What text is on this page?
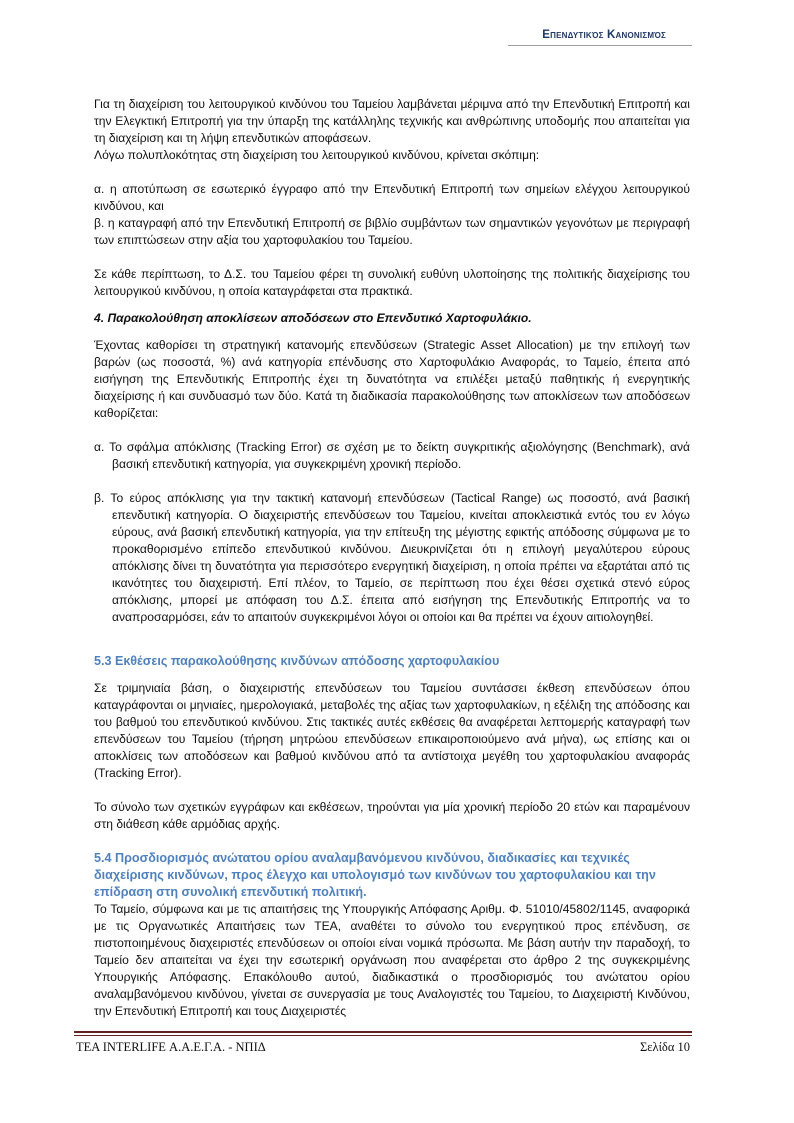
Επενδυτικός Κανονισμός

Για τη διαχείριση του λειτουργικού κινδύνου του Ταμείου λαμβάνεται μέριμνα από την Επενδυτική Επιτροπή και την Ελεγκτική Επιτροπή για την ύπαρξη της κατάλληλης τεχνικής και ανθρώπινης υποδομής που απαιτείται για τη διαχείριση και τη λήψη επενδυτικών αποφάσεων.

Λόγω πολυπλοκότητας στη διαχείριση του λειτουργικού κινδύνου, κρίνεται σκόπιμη:

α. η αποτύπωση σε εσωτερικό έγγραφο από την Επενδυτική Επιτροπή των σημείων ελέγχου λειτουργικού κινδύνου, και

β. η καταγραφή από την Επενδυτική Επιτροπή σε βιβλίο συμβάντων των σημαντικών γεγονότων με περιγραφή των επιπτώσεων στην αξία του χαρτοφυλακίου του Ταμείου.

Σε κάθε περίπτωση, το Δ.Σ. του Ταμείου φέρει τη συνολική ευθύνη υλοποίησης της πολιτικής διαχείρισης του λειτουργικού κινδύνου, η οποία καταγράφεται στα πρακτικά.

4. Παρακολούθηση αποκλίσεων αποδόσεων στο Επενδυτικό Χαρτοφυλάκιο.

Έχοντας καθορίσει τη στρατηγική κατανομής επενδύσεων (Strategic Asset Allocation) με την επιλογή των βαρών (ως ποσοστά, %) ανά κατηγορία επένδυσης στο Χαρτοφυλάκιο Αναφοράς, το Ταμείο, έπειτα από εισήγηση της Επενδυτικής Επιτροπής έχει τη δυνατότητα να επιλέξει μεταξύ παθητικής ή ενεργητικής διαχείρισης ή και συνδυασμό των δύο. Κατά τη διαδικασία παρακολούθησης των αποκλίσεων των αποδόσεων καθορίζεται:

α. Το σφάλμα απόκλισης (Tracking Error) σε σχέση με το δείκτη συγκριτικής αξιολόγησης (Benchmark), ανά βασική επενδυτική κατηγορία, για συγκεκριμένη χρονική περίοδο.

β. Το εύρος απόκλισης για την τακτική κατανομή επενδύσεων (Tactical Range) ως ποσοστό, ανά βασική επενδυτική κατηγορία. Ο διαχειριστής επενδύσεων του Ταμείου, κινείται αποκλειστικά εντός του εν λόγω εύρους, ανά βασική επενδυτική κατηγορία, για την επίτευξη της μέγιστης εφικτής απόδοσης σύμφωνα με το προκαθορισμένο επίπεδο επενδυτικού κινδύνου. Διευκρινίζεται ότι η επιλογή μεγαλύτερου εύρους απόκλισης δίνει τη δυνατότητα για περισσότερο ενεργητική διαχείριση, η οποία πρέπει να εξαρτάται από τις ικανότητες του διαχειριστή. Επί πλέον, το Ταμείο, σε περίπτωση που έχει θέσει σχετικά στενό εύρος απόκλισης, μπορεί με απόφαση του Δ.Σ. έπειτα από εισήγηση της Επενδυτικής Επιτροπής να το αναπροσαρμόσει, εάν το απαιτούν συγκεκριμένοι λόγοι οι οποίοι και θα πρέπει να έχουν αιτιολογηθεί.

5.3 Εκθέσεις παρακολούθησης κινδύνων απόδοσης χαρτοφυλακίου

Σε τριμηνιαία βάση, ο διαχειριστής επενδύσεων του Ταμείου συντάσσει έκθεση επενδύσεων όπου καταγράφονται οι μηνιαίες, ημερολογιακά, μεταβολές της αξίας των χαρτοφυλακίων, η εξέλιξη της απόδοσης και του βαθμού του επενδυτικού κινδύνου. Στις τακτικές αυτές εκθέσεις θα αναφέρεται λεπτομερής καταγραφή των επενδύσεων του Ταμείου (τήρηση μητρώου επενδύσεων επικαιροποιούμενο ανά μήνα), ως επίσης και οι αποκλίσεις των αποδόσεων και βαθμού κινδύνου από τα αντίστοιχα μεγέθη του χαρτοφυλακίου αναφοράς (Tracking Error).

Το σύνολο των σχετικών εγγράφων και εκθέσεων, τηρούνται για μία χρονική περίοδο 20 ετών και παραμένουν στη διάθεση κάθε αρμόδιας αρχής.

5.4 Προσδιορισμός ανώτατου ορίου αναλαμβανόμενου κινδύνου, διαδικασίες και τεχνικές διαχείρισης κινδύνων, προς έλεγχο και υπολογισμό των κινδύνων του χαρτοφυλακίου και την επίδραση στη συνολική επενδυτική πολιτική.

Το Ταμείο, σύμφωνα και με τις απαιτήσεις της Υπουργικής Απόφασης Αριθμ. Φ. 51010/45802/1145, αναφορικά με τις Οργανωτικές Απαιτήσεις των ΤΕΑ, αναθέτει το σύνολο του ενεργητικού προς επένδυση, σε πιστοποιημένους διαχειριστές επενδύσεων οι οποίοι είναι νομικά πρόσωπα. Με βάση αυτήν την παραδοχή, το Ταμείο δεν απαιτείται να έχει την εσωτερική οργάνωση που αναφέρεται στο άρθρο 2 της συγκεκριμένης Υπουργικής Απόφασης. Επακόλουθο αυτού, διαδικαστικά ο προσδιορισμός του ανώτατου ορίου αναλαμβανόμενου κινδύνου, γίνεται σε συνεργασία με τους Αναλογιστές του Ταμείου, το Διαχειριστή Κινδύνου, την Επενδυτική Επιτροπή και τους Διαχειριστές

ΤΕΑ INTERLIFE Α.Α.Ε.Γ.Α. - ΝΠΙΔ	Σελίδα 10
